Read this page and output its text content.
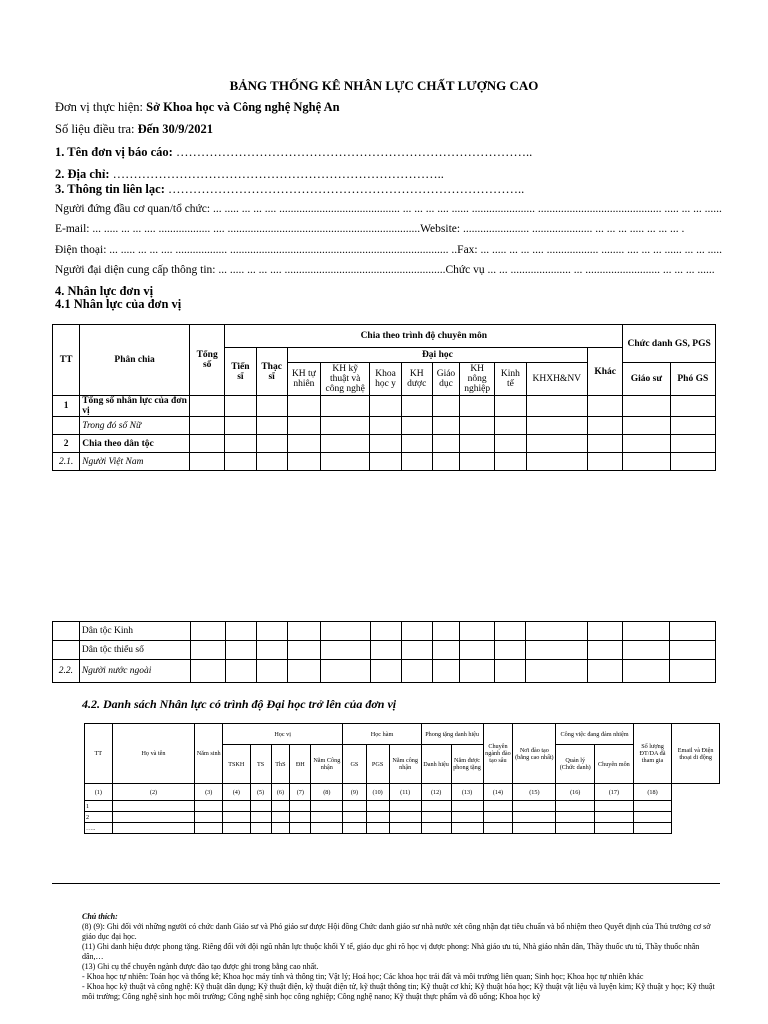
BẢNG THỐNG KÊ NHÂN LỰC CHẤT LƯỢNG CAO
Đơn vị thực hiện: Sở Khoa học và Công nghệ Nghệ An
Số liệu điều tra: Đến 30/9/2021
1. Tên đơn vị báo cáo: …………………………………………………………………………..
2. Địa chỉ: ……………………………………………………………………..
3. Thông tin liên lạc: …………………………………………………………………………..
Người đứng đầu cơ quan/tổ chức: ... ..... ... ... .... .......................................... ... ... ... .... ...... ...................... ........................................... ..... ... ... ......
E-mail: ... ..... ... ... .... .................. .... ...................................................................Website: ....................... ..................... ... ... ... ..... ... ... ... .
Điện thoại: ... ..... ... ... .... .................. ............................................................................ ..Fax: ... ..... ... ... .... .................. ........ .... ... ... ...... ... ... .....
Người đại diện cung cấp thông tin: ... ..... ... ... .... ........................................................Chức vụ ... ... ..................... ... .......................... ... ... ... ......
4. Nhân lực đơn vị
4.1 Nhân lực của đơn vị
TT	Phân chia	Tổng số	Chia theo trình độ chuyên môn											Chức danh GS, PGS	
			Tiến sĩ	Thạc sĩ	Đại học								Khác		
					KH tự nhiên	KH kỹ thuật và công nghệ	Khoa học y	KH dược	Giáo dục	KH nông nghiệp	Kinh tế	KHXH&NV		Giáo sư	Phó GS
1	Tổng số nhân lực của đơn vị														
	Trong đó số Nữ														
2	Chia theo dân tộc														
2.1.	Người Việt Nam														
	Dân tộc Kinh														
	Dân tộc thiểu số														
2.2.	Người nước ngoài														
4.2. Danh sách Nhân lực có trình độ Đại học trở lên của đơn vị
TT	Họ và tên	Năm sinh	Học vị					Học hàm			Phong tặng danh hiệu		Chuyên ngành đào tạo sâu	Nơi đào tạo (bằng cao nhất)	Công việc đang đảm nhiệm		Số lượng ĐT/DA đã tham gia	Email và Điện thoại di động
			TSKH	TS	ThS	ĐH	Năm Công nhận	GS	PGS	Năm công nhận	Danh hiệu	Năm được phong tặng			Quản lý (Chức danh)	Chuyên môn		
(1)	(2)	(3)	(4)	(5)	(6)	(7)	(8)	(9)	(10)	(11)	(12)	(13)	(14)	(15)	(16)	(17)	(18)	
1																		
2																		
…..																		
Chú thích:
(8) (9): Ghi đối với những người có chức danh Giáo sư và Phó giáo sư được Hội đồng Chức danh giáo sư nhà nước xét công nhận đạt tiêu chuẩn và bổ nhiệm theo Quyết định của Thủ trưởng cơ sở giáo dục đại học.
(11) Ghi danh hiệu được phong tặng. Riêng đối với đội ngũ nhân lực thuộc khối Y tế, giáo dục ghi rõ học vị được phong: Nhà giáo ưu tú, Nhà giáo nhân dân, Thầy thuốc ưu tú, Thầy thuốc nhân dân,…
(13) Ghi cụ thể chuyên ngành được đào tạo được ghi trong bằng cao nhất.
- Khoa học tự nhiên: Toán học và thống kê; Khoa học máy tính và thông tin; Vật lý; Hoá học; Các khoa học trái đất và môi trường liên quan; Sinh học; Khoa học tự nhiên khác
- Khoa học kỹ thuật và công nghệ: Kỹ thuật dân dụng; Kỹ thuật điện, kỹ thuật điện tử, kỹ thuật thông tin; Kỹ thuật cơ khí; Kỹ thuật hóa học; Kỹ thuật vật liệu và luyện kim; Kỹ thuật y học; Kỹ thuật môi trường; Công nghệ sinh học môi trường; Công nghệ sinh học công nghiệp; Công nghệ nano; Kỹ thuật thực phẩm và đồ uống; Khoa học kỹ
